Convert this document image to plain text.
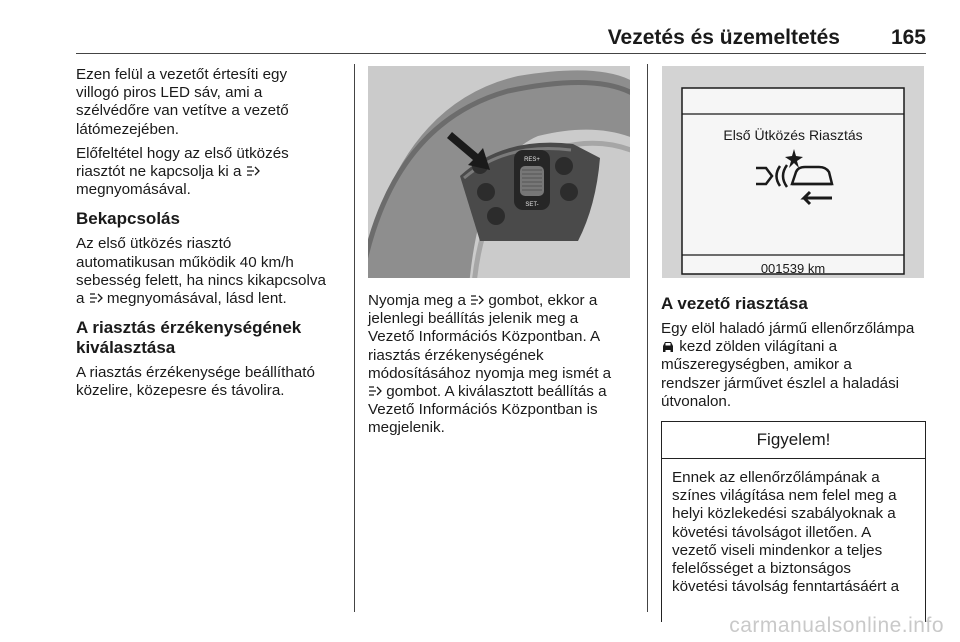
Vezetés és üzemeltetés 165

Ezen felül a vezetőt értesíti egy
villogó piros LED sáv, ami a
szélvédőre van vetítve a vezető
látómezejében.

Előfeltétel hogy az első ütközés
riasztót ne kapcsolja ki a
megnyomásával.

Bekapcsolás

Az első ütközés riasztó
automatikusan működik 40 km/h
sebesség felett, ha nincs kikapcsolva
a  megnyomásával, lásd lent.

A riasztás érzékenységének
kiválasztása

A riasztás érzékenysége beállítható
közelire, közepesre és távolira.

RES+
SET-

Nyomja meg a  gombot, ekkor a
jelenlegi beállítás jelenik meg a
Vezető Információs Központban. A
riasztás érzékenységének
módosításához nyomja meg ismét a
gombot. A kiválasztott beállítás a
Vezető Információs Központban is
megjelenik.

Első Ütközés Riasztás
001539 km
A vezető riasztása

Egy elöl haladó jármű ellenőrzőlámpa
kezd zölden világítani a
műszeregységben, amikor a
rendszer járművet észlel a haladási
útvonalon.

Figyelem!
Ennek az ellenőrzőlámpának a
színes világítása nem felel meg a
helyi közlekedési szabályoknak a
követési távolságot illetően. A
vezető viseli mindenkor a teljes
felelősséget a biztonságos
követési távolság fenntartásáért a
carmanualsonline.info
